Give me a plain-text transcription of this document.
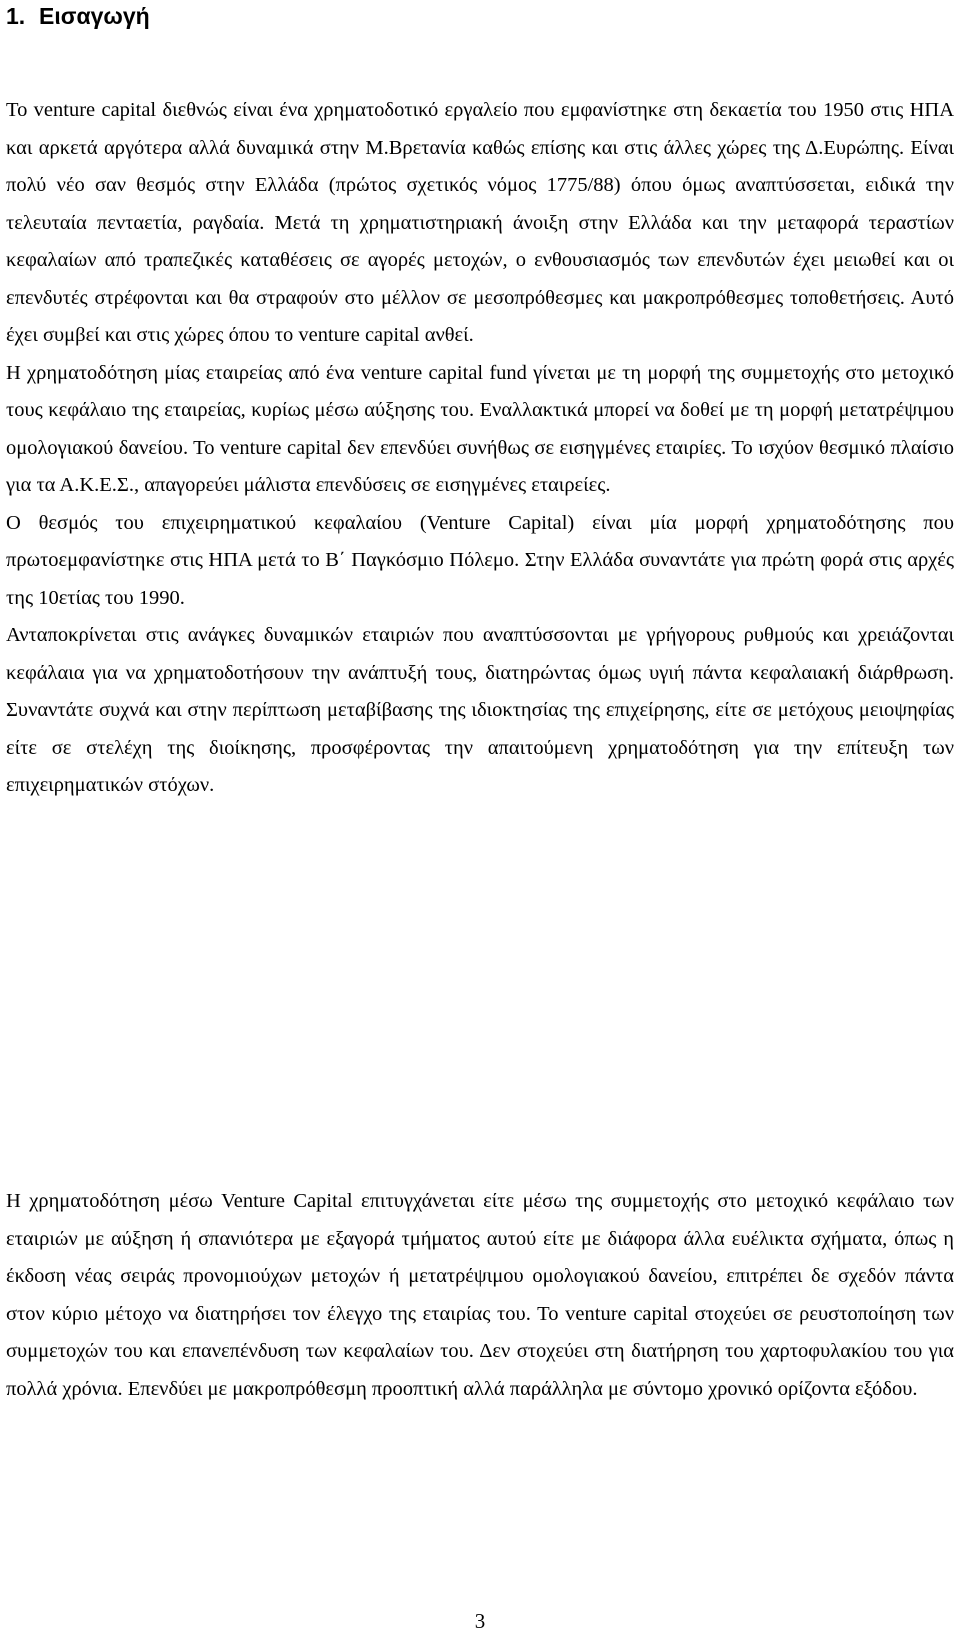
1. Εισαγωγή

Το venture capital διεθνώς είναι ένα χρηματοδοτικό εργαλείο που εμφανίστηκε στη δεκαετία του 1950 στις ΗΠΑ και αρκετά αργότερα αλλά δυναμικά στην Μ.Βρετανία καθώς επίσης και στις άλλες χώρες της Δ.Ευρώπης. Είναι πολύ νέο σαν θεσμός στην Ελλάδα (πρώτος σχετικός νόμος 1775/88) όπου όμως αναπτύσσεται, ειδικά την τελευταία πενταετία, ραγδαία. Μετά τη χρηματιστηριακή άνοιξη στην Ελλάδα και την μεταφορά τεραστίων κεφαλαίων από τραπεζικές καταθέσεις σε αγορές μετοχών, ο ενθουσιασμός των επενδυτών έχει μειωθεί και οι επενδυτές στρέφονται και θα στραφούν στο μέλλον σε μεσοπρόθεσμες και μακροπρόθεσμες τοποθετήσεις. Αυτό έχει συμβεί και στις χώρες όπου το venture capital ανθεί.

Η χρηματοδότηση μίας εταιρείας από ένα venture capital fund γίνεται με τη μορφή της συμμετοχής στο μετοχικό τους κεφάλαιο της εταιρείας, κυρίως μέσω αύξησης του. Εναλλακτικά μπορεί να δοθεί με τη μορφή μετατρέψιμου ομολογιακού δανείου. Το venture capital δεν επενδύει συνήθως σε εισηγμένες εταιρίες. Το ισχύον θεσμικό πλαίσιο για τα Α.Κ.Ε.Σ., απαγορεύει μάλιστα επενδύσεις σε εισηγμένες εταιρείες.

Ο θεσμός του επιχειρηματικού κεφαλαίου (Venture Capital) είναι μία μορφή χρηματοδότησης που πρωτοεμφανίστηκε στις ΗΠΑ μετά το Β΄ Παγκόσμιο Πόλεμο. Στην Ελλάδα συναντάτε για πρώτη φορά στις αρχές της 10ετίας του 1990.

Ανταποκρίνεται στις ανάγκες δυναμικών εταιριών που αναπτύσσονται με γρήγορους ρυθμούς και χρειάζονται κεφάλαια για να χρηματοδοτήσουν την ανάπτυξή τους, διατηρώντας όμως υγιή πάντα κεφαλαιακή διάρθρωση. Συναντάτε συχνά και στην περίπτωση μεταβίβασης της ιδιοκτησίας της επιχείρησης, είτε σε μετόχους μειοψηφίας είτε σε στελέχη της διοίκησης, προσφέροντας την απαιτούμενη χρηματοδότηση για την επίτευξη των επιχειρηματικών στόχων.

Η χρηματοδότηση μέσω Venture Capital επιτυγχάνεται είτε μέσω της συμμετοχής στο μετοχικό κεφάλαιο των εταιριών με αύξηση ή σπανιότερα με εξαγορά τμήματος αυτού είτε με διάφορα άλλα ευέλικτα σχήματα, όπως η έκδοση νέας σειράς προνομιούχων μετοχών ή μετατρέψιμου ομολογιακού δανείου, επιτρέπει δε σχεδόν πάντα στον κύριο μέτοχο να διατηρήσει τον έλεγχο της εταιρίας του. Το venture capital στοχεύει σε ρευστοποίηση των συμμετοχών του και επανεπένδυση των κεφαλαίων του. Δεν στοχεύει στη διατήρηση του χαρτοφυλακίου του για πολλά χρόνια. Επενδύει με μακροπρόθεσμη προοπτική αλλά παράλληλα με σύντομο χρονικό ορίζοντα εξόδου.

3
